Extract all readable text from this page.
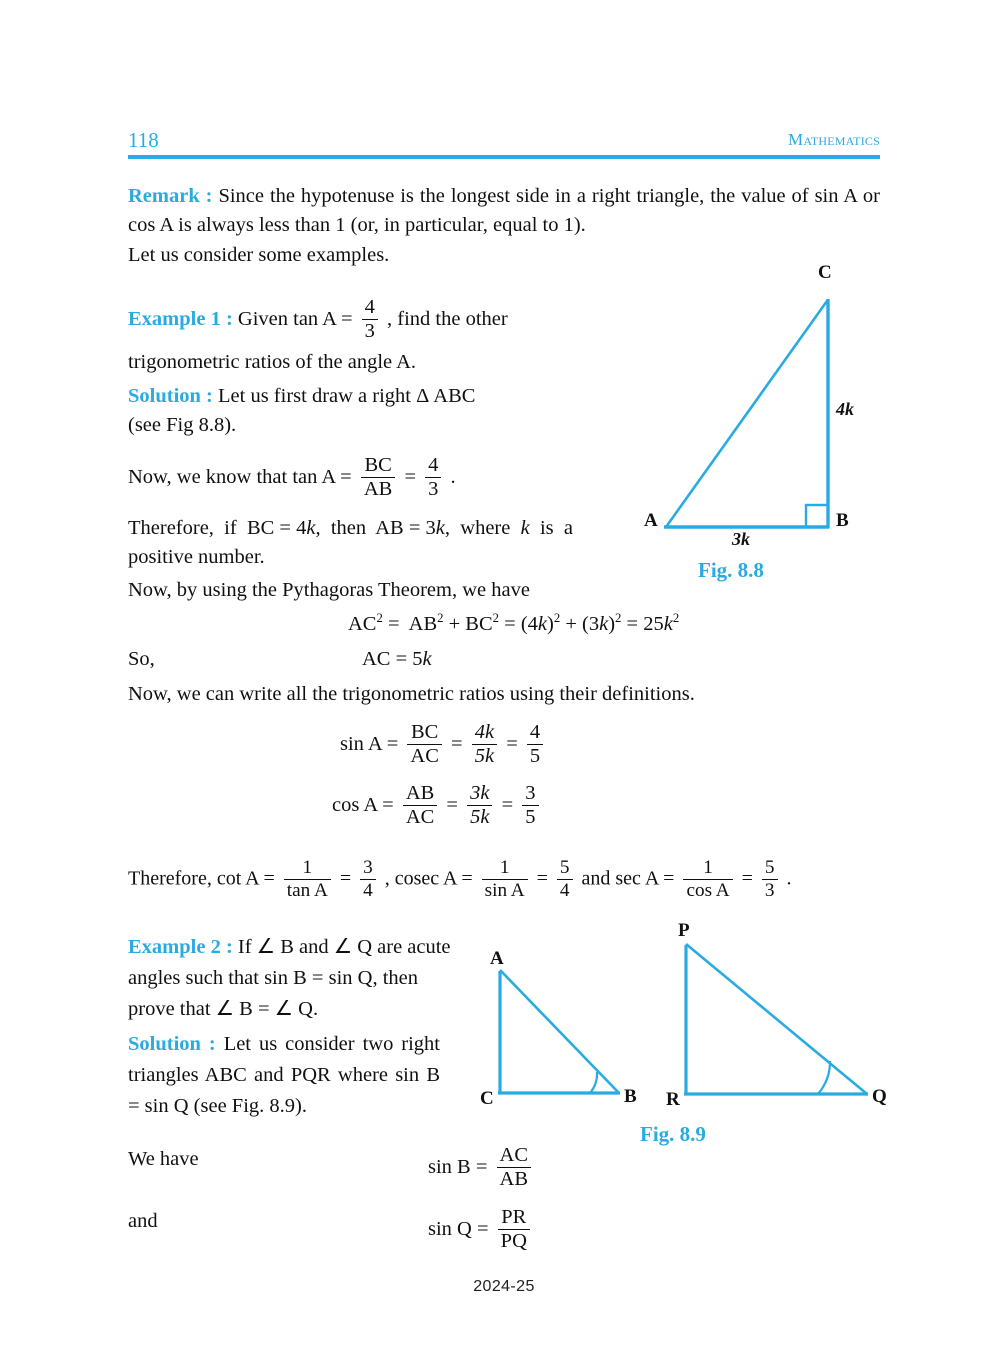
118	Mathematics
Remark : Since the hypotenuse is the longest side in a right triangle, the value of sin A or cos A is always less than 1 (or, in particular, equal to 1).
Let us consider some examples.
Example 1 : Given $\tan A = \frac{4}{3}$ , find the other
trigonometric ratios of the angle A.
Solution : Let us first draw a right Δ ABC
(see Fig 8.8).
Now, we know that $\tan A = \frac{BC}{AB} = \frac{4}{3}$ .
Therefore,  if  BC = 4k,  then  AB = 3k,  where  k  is  a positive number.
Now, by using the Pythagoras Theorem, we have
$AC^2 = AB^2 + BC^2 = (4k)^2 + (3k)^2 = 25k^2$
So,	AC = 5k
Now, we can write all the trigonometric ratios using their definitions.
$\sin A = \frac{BC}{AC} = \frac{4k}{5k} = \frac{4}{5}$
$\cos A = \frac{AB}{AC} = \frac{3k}{5k} = \frac{3}{5}$
Therefore, $\cot A = \frac{1}{\text{tan A}} = \frac{3}{4}$ , cosec $A = \frac{1}{\text{sin A}} = \frac{5}{4}$ and $\sec A = \frac{1}{\text{cos A}} = \frac{5}{3}$ .
Example 2 : If ∠ B and ∠ Q are acute angles such that sin B = sin Q, then prove that ∠ B = ∠ Q.
Solution : Let us consider two right triangles ABC and PQR where sin B = sin Q (see Fig. 8.9).
We have	$\sin B = \frac{AC}{AB}$
and	$\sin Q = \frac{PR}{PQ}$
C
A	B
4k
3k
Fig. 8.8
A
C	B
P
R	Q
Fig. 8.9
2024-25
